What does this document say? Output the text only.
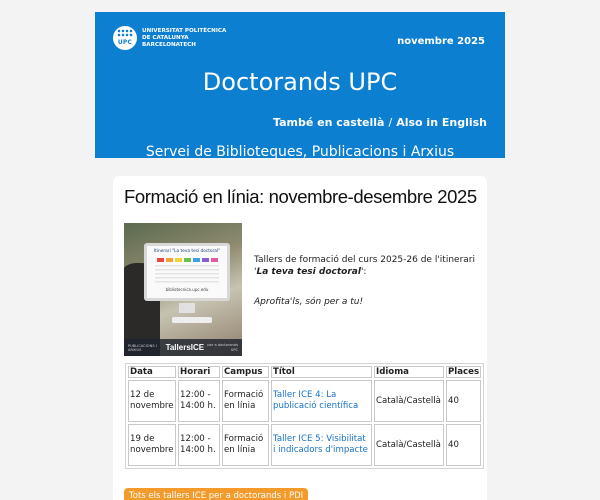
UPC
UNIVERSITAT POLITÈCNICA
DE CATALUNYA
BARCELONATECH	novembre 2025
Doctorands UPC
També en castellà / Also in English
Servei de Biblioteques, Publicacions i Arxius
Formació en línia: novembre-desembre 2025
Itinerari "La teva tesi doctoral"
bibliotecnica.upc.edu
PUBLICACIONS I ARXIUS	TallersICE per a doctorands UPC
Tallers de formació del curs 2025-26 de l'itinerari 'La teva tesi doctoral':
Aprofita'ls, són per a tu!
Data	Horari	Campus	Títol	Idioma	Places
12 de novembre	12:00 - 14:00 h.	Formació en línia	Taller ICE 4: La publicació científica	Català/Castellà	40
19 de novembre	12:00 - 14:00 h.	Formació en línia	Taller ICE 5: Visibilitat i indicadors d'impacte	Català/Castellà	40
Tots els tallers ICE per a doctorands i PDI
